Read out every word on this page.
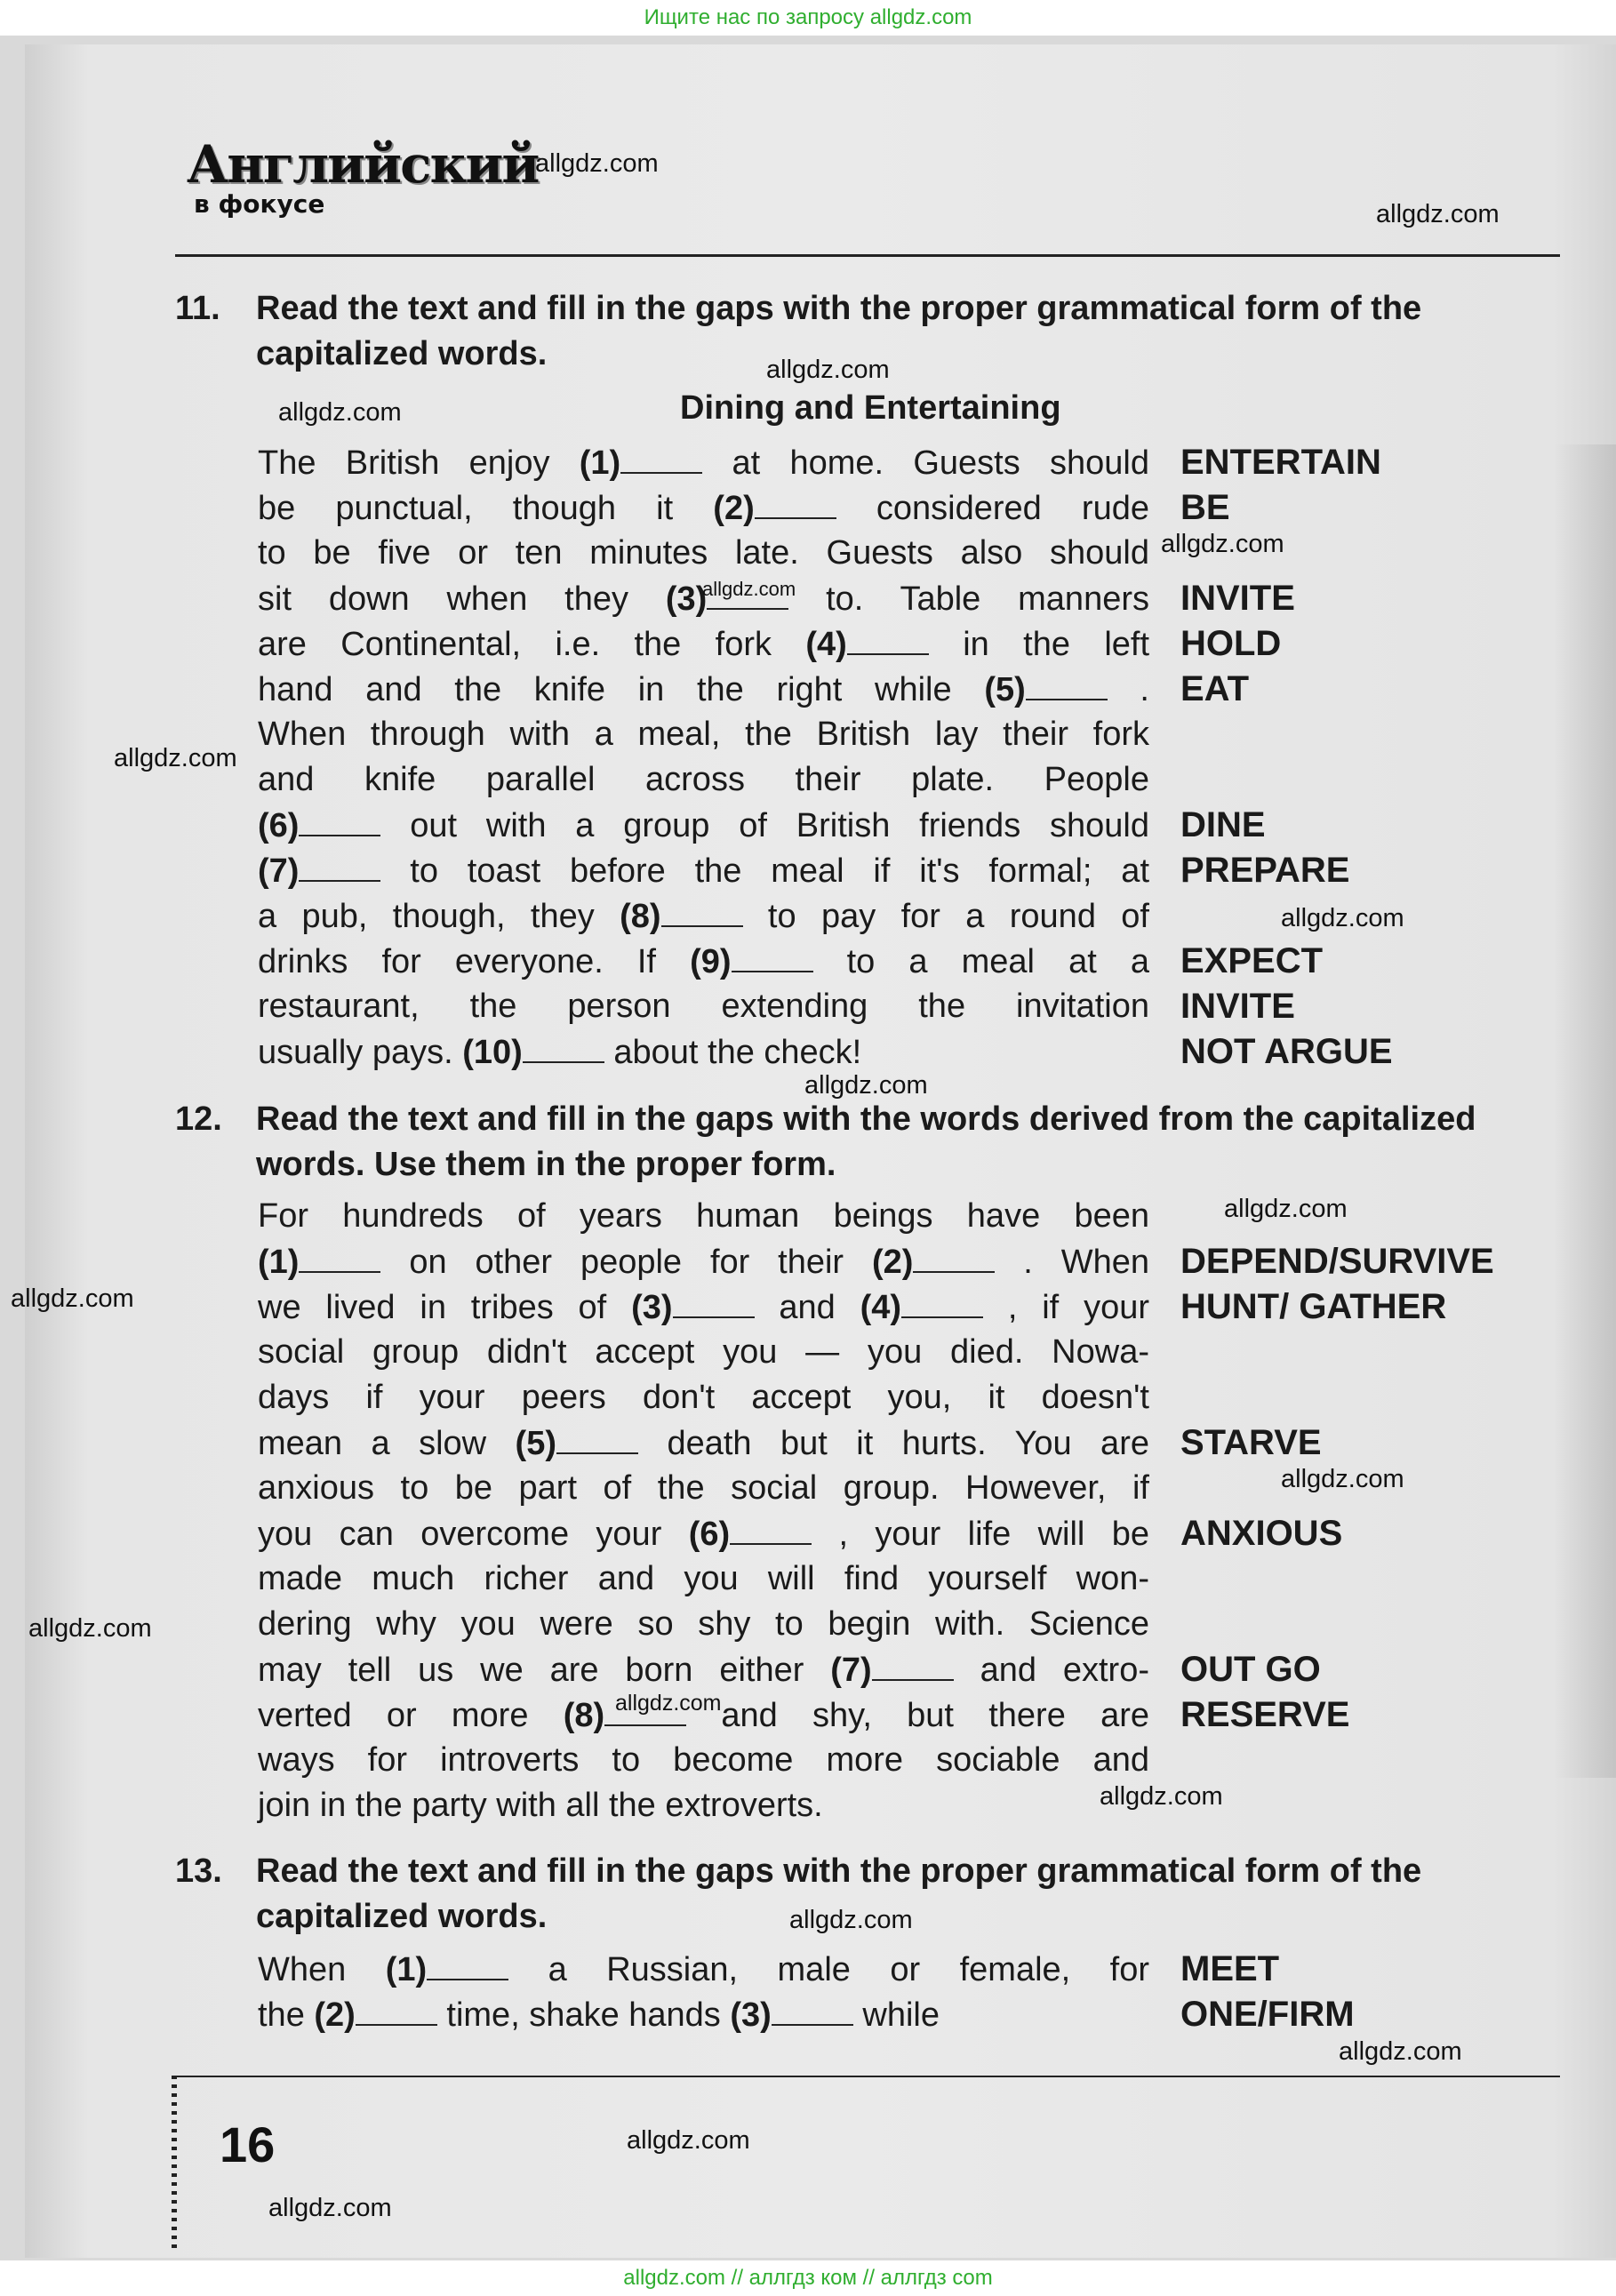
Ищите нас по запросу allgdz.com
Английский
в фокусе
11. Read the text and fill in the gaps with the proper grammatical form of the capitalized words.
Dining and Entertaining
The British enjoy (1) at home. Guests should
be punctual, though it (2) considered rude
to be five or ten minutes late. Guests also should
sit down when they (3) to. Table manners
are Continental, i.e. the fork (4) in the left
hand and the knife in the right while (5) .
When through with a meal, the British lay their fork
and knife parallel across their plate. People
(6) out with a group of British friends should
(7) to toast before the meal if it's formal; at
a pub, though, they (8) to pay for a round of
drinks for everyone. If (9) to a meal at a
restaurant, the person extending the invitation
usually pays. (10) about the check!
ENTERTAIN
BE
INVITE
HOLD
EAT
DINE
PREPARE
EXPECT
INVITE
NOT ARGUE
12. Read the text and fill in the gaps with the words derived from the capitalized words. Use them in the proper form.
For hundreds of years human beings have been
(1) on other people for their (2) . When
we lived in tribes of (3) and (4) , if your
social group didn't accept you — you died. Nowa-
days if your peers don't accept you, it doesn't
mean a slow (5) death but it hurts. You are
anxious to be part of the social group. However, if
you can overcome your (6) , your life will be
made much richer and you will find yourself won-
dering why you were so shy to begin with. Science
may tell us we are born either (7) and extro-
verted or more (8) and shy, but there are
ways for introverts to become more sociable and
join in the party with all the extroverts.
DEPEND/SURVIVE
HUNT/ GATHER
STARVE
ANXIOUS
OUT GO
RESERVE
13. Read the text and fill in the gaps with the proper grammatical form of the capitalized words.
When (1) a Russian, male or female, for
the (2) time, shake hands (3) while
MEET
ONE/FIRM
16
allgdz.com
allgdz.com
allgdz.com
allgdz.com
allgdz.com
allgdz.com
allgdz.com
allgdz.com
allgdz.com
allgdz.com
allgdz.com
allgdz.com
allgdz.com
allgdz.com
allgdz.com
allgdz.com
allgdz.com
allgdz.com
allgdz.com
allgdz.com // аллгдз ком // аллгдз com
